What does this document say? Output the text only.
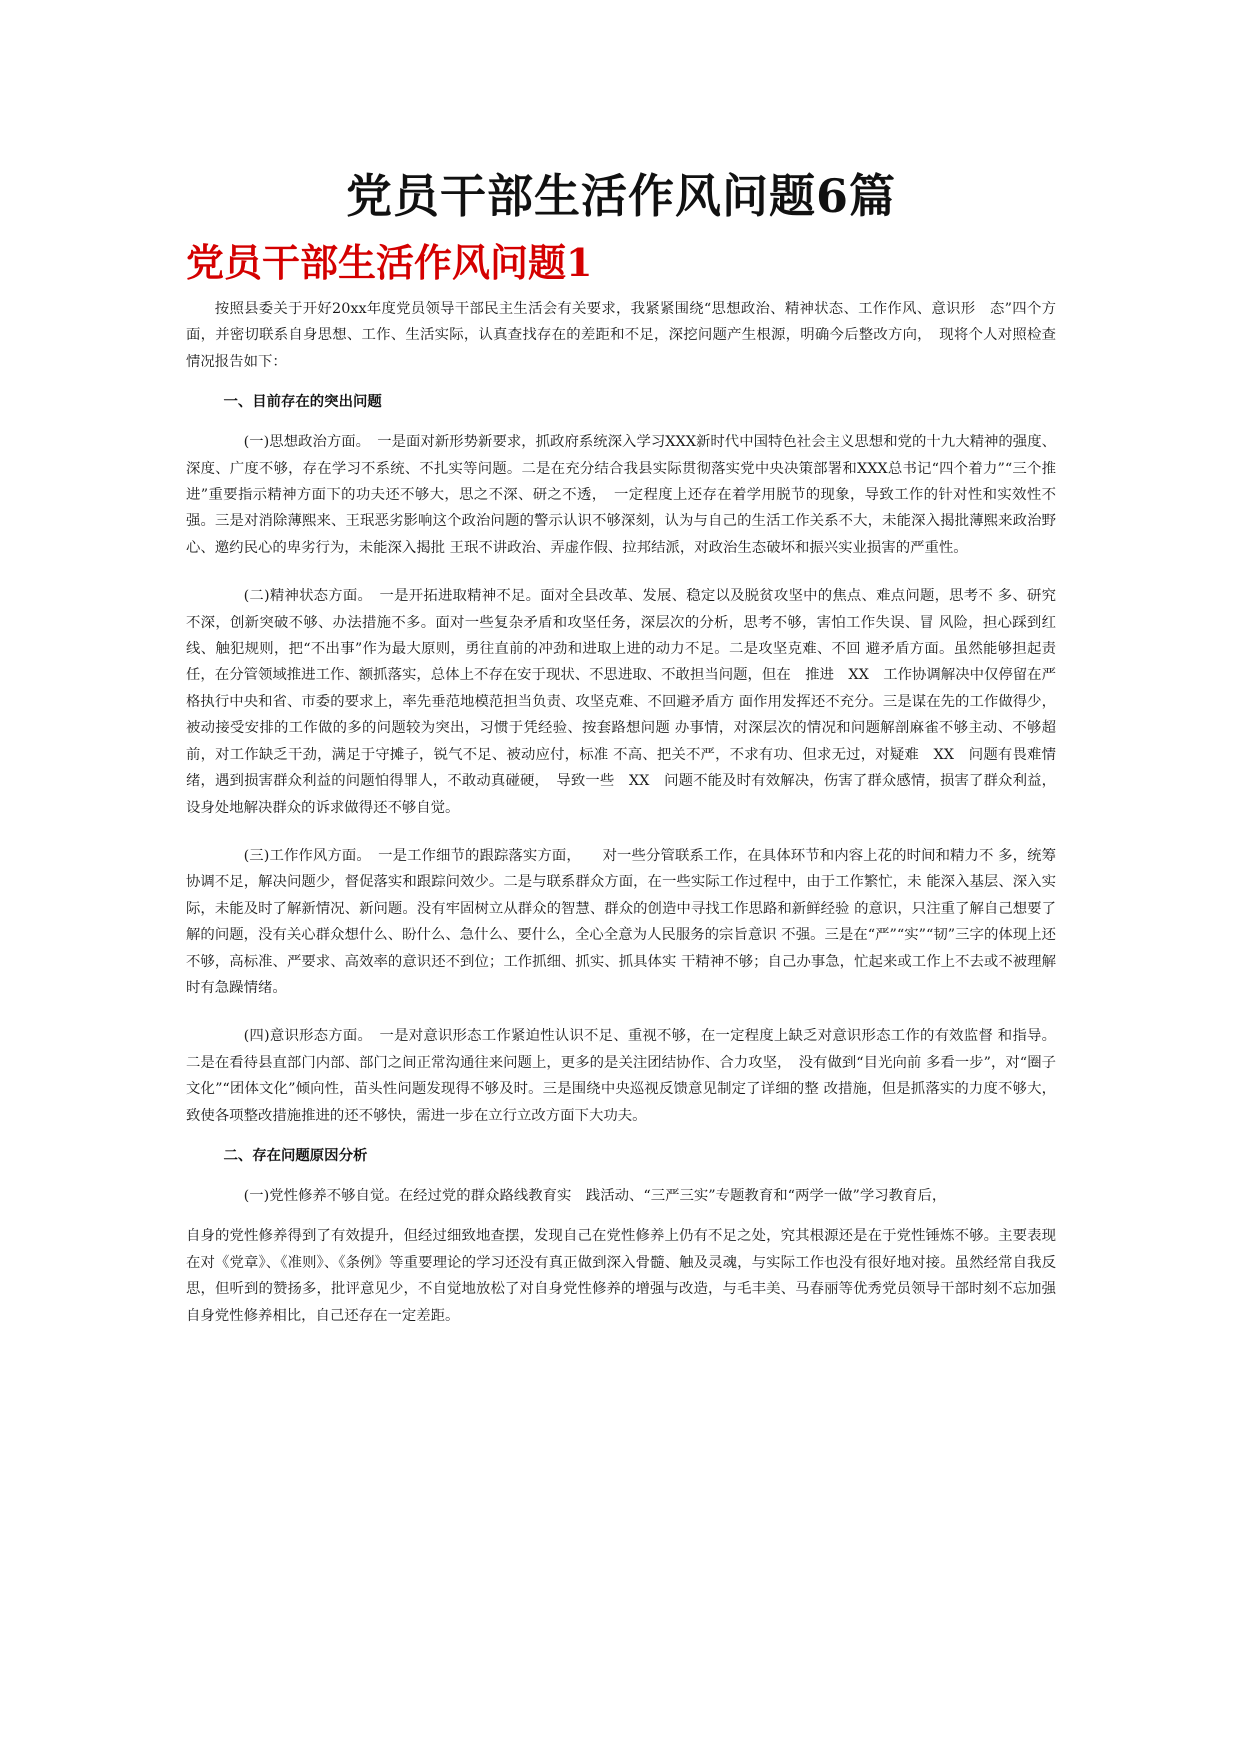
党员干部生活作风问题6篇
党员干部生活作风问题1

按照县委关于开好20xx年度党员领导干部民主生活会有关要求，我紧紧围绕“思想政治、精神状态、工作作风、意识形　态”四个方面，并密切联系自身思想、工作、生活实际，认真查找存在的差距和不足，深挖问题产生根源，明确今后整改方向，　现将个人对照检查情况报告如下：

一、目前存在的突出问题

(一)思想政治方面。　一是面对新形势新要求，抓政府系统深入学习XXX新时代中国特色社会主义思想和党的十九大精神的强度、深度、广度不够，存在学习不系统、不扎实等问题。二是在充分结合我县实际贯彻落实党中央决策部署和XXX总书记“四个着力”“三个推进”重要指示精神方面下的功夫还不够大，思之不深、研之不透，　一定程度上还存在着学用脱节的现象，导致工作的针对性和实效性不强。三是对消除薄熙来、王珉恶劣影响这个政治问题的警示认识不够深刻，认为与自己的生活工作关系不大，未能深入揭批薄熙来政治野心、邀约民心的卑劣行为，未能深入揭批 王珉不讲政治、弄虚作假、拉邦结派，对政治生态破坏和振兴实业损害的严重性。

(二)精神状态方面。　一是开拓进取精神不足。面对全县改革、发展、稳定以及脱贫攻坚中的焦点、难点问题，思考不 多、研究不深，创新突破不够、办法措施不多。面对一些复杂矛盾和攻坚任务，深层次的分析，思考不够，害怕工作失误、冒 风险，担心踩到红线、触犯规则，把“不出事”作为最大原则，勇往直前的冲劲和进取上进的动力不足。二是攻坚克难、不回 避矛盾方面。虽然能够担起责任，在分管领域推进工作、额抓落实，总体上不存在安于现状、不思进取、不敢担当问题，但在　推进　XX　工作协调解决中仅停留在严格执行中央和省、市委的要求上，率先垂范地模范担当负责、攻坚克难、不回避矛盾方 面作用发挥还不充分。三是谋在先的工作做得少，被动接受安排的工作做的多的问题较为突出，习惯于凭经验、按套路想问题 办事情，对深层次的情况和问题解剖麻雀不够主动、不够超前，对工作缺乏干劲，满足于守摊子，锐气不足、被动应付，标准 不高、把关不严，不求有功、但求无过，对疑难　XX　问题有畏难情绪，遇到损害群众利益的问题怕得罪人，不敢动真碰硬，　导致一些　XX　问题不能及时有效解决，伤害了群众感情，损害了群众利益，设身处地解决群众的诉求做得还不够自觉。

(三)工作作风方面。　一是工作细节的跟踪落实方面，　　对一些分管联系工作，在具体环节和内容上花的时间和精力不 多，统筹协调不足，解决问题少，督促落实和跟踪问效少。二是与联系群众方面，在一些实际工作过程中，由于工作繁忙，未 能深入基层、深入实际，未能及时了解新情况、新问题。没有牢固树立从群众的智慧、群众的创造中寻找工作思路和新鲜经验 的意识，只注重了解自己想要了解的问题，没有关心群众想什么、盼什么、急什么、要什么，全心全意为人民服务的宗旨意识 不强。三是在“严”“实”“韧”三字的体现上还不够，高标准、严要求、高效率的意识还不到位；工作抓细、抓实、抓具体实 干精神不够；自己办事急，忙起来或工作上不去或不被理解时有急躁情绪。

(四)意识形态方面。　一是对意识形态工作紧迫性认识不足、重视不够，在一定程度上缺乏对意识形态工作的有效监督 和指导。二是在看待县直部门内部、部门之间正常沟通往来问题上，更多的是关注团结协作、合力攻坚，　没有做到“目光向前 多看一步”，对“圈子文化”“团体文化”倾向性，苗头性问题发现得不够及时。三是围绕中央巡视反馈意见制定了详细的整 改措施，但是抓落实的力度不够大，致使各项整改措施推进的还不够快，需进一步在立行立改方面下大功夫。

二、存在问题原因分析

(一)党性修养不够自觉。在经过党的群众路线教育实　践活动、“三严三实”专题教育和“两学一做”学习教育后，

自身的党性修养得到了有效提升，但经过细致地查摆，发现自己在党性修养上仍有不足之处，究其根源还是在于党性锤炼不够。主要表现在对《党章》、《准则》、《条例》等重要理论的学习还没有真正做到深入骨髓、触及灵魂，与实际工作也没有很好地对接。虽然经常自我反思，但听到的赞扬多，批评意见少，不自觉地放松了对自身党性修养的增强与改造，与毛丰美、马春丽等优秀党员领导干部时刻不忘加强自身党性修养相比，自己还存在一定差距。
